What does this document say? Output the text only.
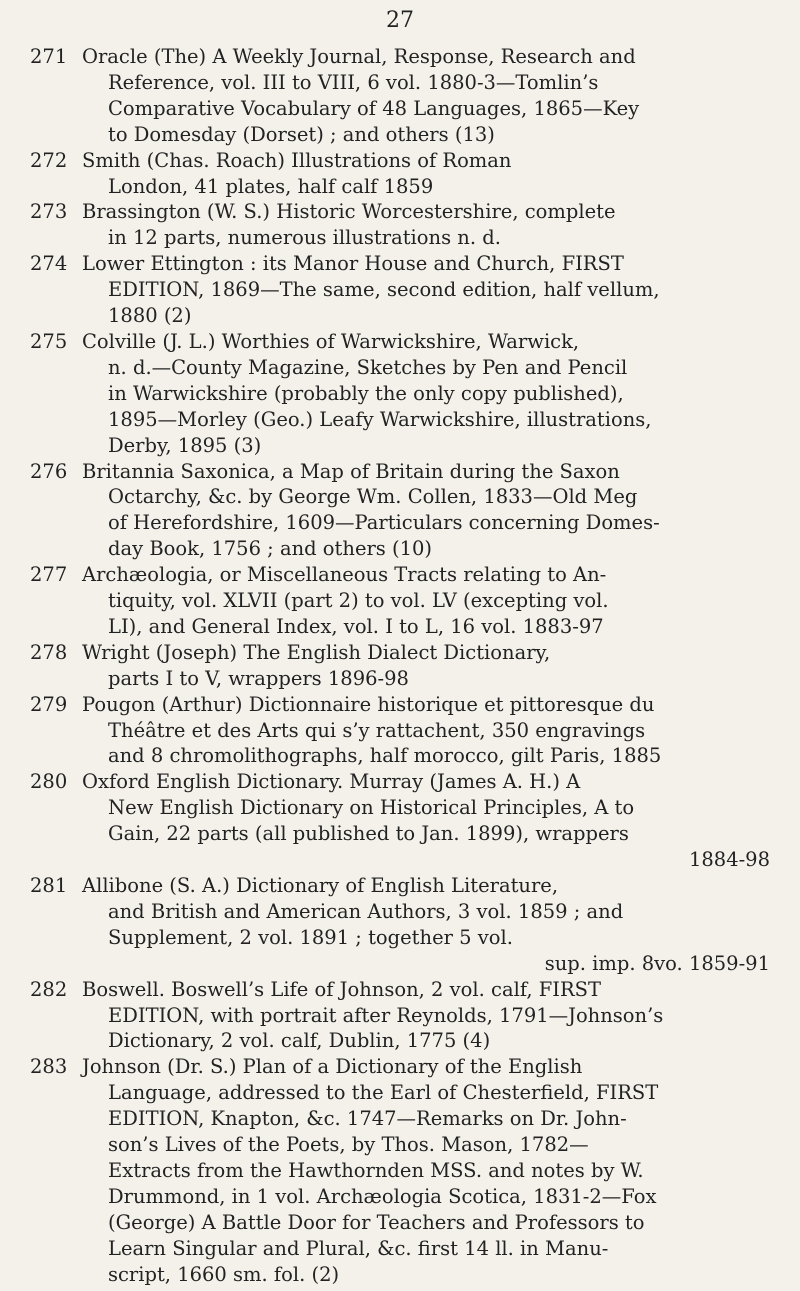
27
271 Oracle (The) A Weekly Journal, Response, Research and
Reference, vol. III to VIII, 6 vol. 1880-3—Tomlin’s
Comparative Vocabulary of 48 Languages, 1865—Key
to Domesday (Dorset) ; and others (13)
272 Smith (Chas. Roach) Illustrations of Roman
London, 41 plates, half calf 1859
273 Brassington (W. S.) Historic Worcestershire, complete
in 12 parts, numerous illustrations n. d.
274 Lower Ettington : its Manor House and Church, FIRST
EDITION, 1869—The same, second edition, half vellum,
1880 (2)
275 Colville (J. L.) Worthies of Warwickshire, Warwick,
n. d.—County Magazine, Sketches by Pen and Pencil
in Warwickshire (probably the only copy published),
1895—Morley (Geo.) Leafy Warwickshire, illustrations,
Derby, 1895 (3)
276 Britannia Saxonica, a Map of Britain during the Saxon
Octarchy, &c. by George Wm. Collen, 1833—Old Meg
of Herefordshire, 1609—Particulars concerning Domes-
day Book, 1756 ; and others (10)
277 Archæologia, or Miscellaneous Tracts relating to An-
tiquity, vol. XLVII (part 2) to vol. LV (excepting vol.
LI), and General Index, vol. I to L, 16 vol. 1883-97
278 Wright (Joseph) The English Dialect Dictionary,
parts I to V, wrappers 1896-98
279 Pougon (Arthur) Dictionnaire historique et pittoresque du
Théâtre et des Arts qui s’y rattachent, 350 engravings
and 8 chromolithographs, half morocco, gilt Paris, 1885
280 Oxford English Dictionary. Murray (James A. H.) A
New English Dictionary on Historical Principles, A to
Gain, 22 parts (all published to Jan. 1899), wrappers
1884-98
281 Allibone (S. A.) Dictionary of English Literature,
and British and American Authors, 3 vol. 1859 ; and
Supplement, 2 vol. 1891 ; together 5 vol.
sup. imp. 8vo. 1859-91
282 Boswell. Boswell’s Life of Johnson, 2 vol. calf, FIRST
EDITION, with portrait after Reynolds, 1791—Johnson’s
Dictionary, 2 vol. calf, Dublin, 1775 (4)
283 Johnson (Dr. S.) Plan of a Dictionary of the English
Language, addressed to the Earl of Chesterfield, FIRST
EDITION, Knapton, &c. 1747—Remarks on Dr. John-
son’s Lives of the Poets, by Thos. Mason, 1782—
Extracts from the Hawthornden MSS. and notes by W.
Drummond, in 1 vol. Archæologia Scotica, 1831-2—Fox
(George) A Battle Door for Teachers and Professors to
Learn Singular and Plural, &c. first 14 ll. in Manu-
script, 1660 sm. fol. (2)
